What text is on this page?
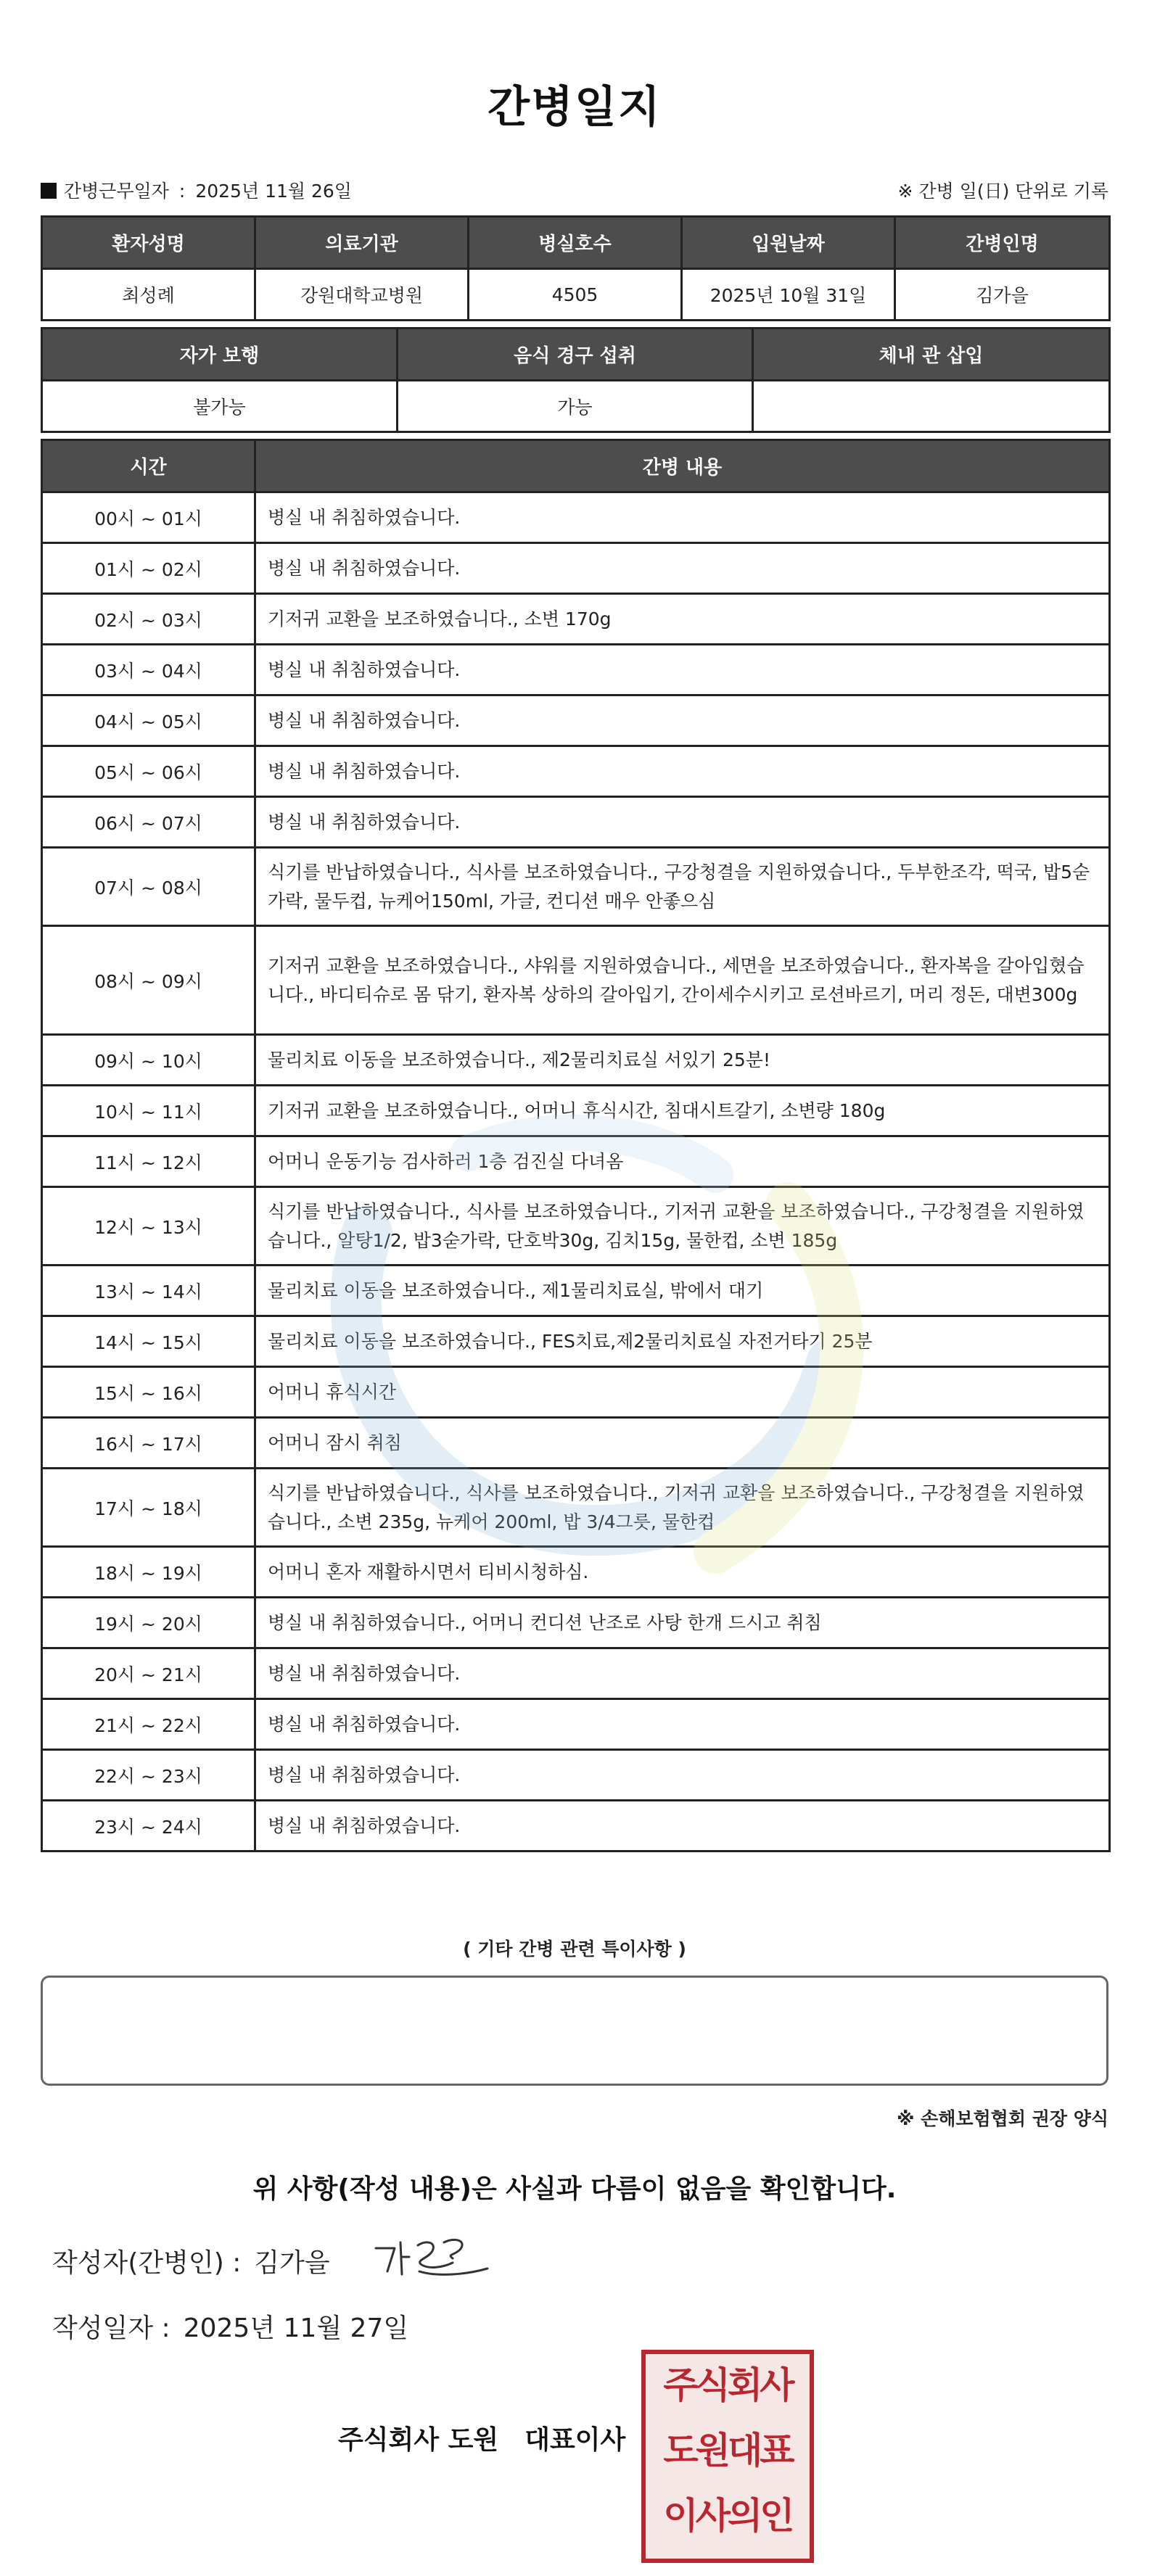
간병일지
간병근무일자 : 2025년 11월 26일	※ 간병 일(日) 단위로 기록
환자성명	의료기관	병실호수	입원날짜	간병인명
최성례	강원대학교병원	4505	2025년 10월 31일	김가을
자가 보행	음식 경구 섭취	체내 관 삽입
불가능	가능	
시간	간병 내용
00시 ~ 01시	병실 내 취침하였습니다.
01시 ~ 02시	병실 내 취침하였습니다.
02시 ~ 03시	기저귀 교환을 보조하였습니다., 소변 170g
03시 ~ 04시	병실 내 취침하였습니다.
04시 ~ 05시	병실 내 취침하였습니다.
05시 ~ 06시	병실 내 취침하였습니다.
06시 ~ 07시	병실 내 취침하였습니다.
07시 ~ 08시	식기를 반납하였습니다., 식사를 보조하였습니다., 구강청결을 지원하였습니다., 두부한조각, 떡국, 밥5숟가락, 물두컵, 뉴케어150ml, 가글, 컨디션 매우 안좋으심
08시 ~ 09시	기저귀 교환을 보조하였습니다., 샤워를 지원하였습니다., 세면을 보조하였습니다., 환자복을 갈아입혔습니다., 바디티슈로 몸 닦기, 환자복 상하의 갈아입기, 간이세수시키고 로션바르기, 머리 정돈, 대변300g
09시 ~ 10시	물리치료 이동을 보조하였습니다., 제2물리치료실 서있기 25분!
10시 ~ 11시	기저귀 교환을 보조하였습니다., 어머니 휴식시간, 침대시트갈기, 소변량 180g
11시 ~ 12시	어머니 운동기능 검사하러 1층 검진실 다녀옴
12시 ~ 13시	식기를 반납하였습니다., 식사를 보조하였습니다., 기저귀 교환을 보조하였습니다., 구강청결을 지원하였습니다., 알탕1/2, 밥3숟가락, 단호박30g, 김치15g, 물한컵, 소변 185g
13시 ~ 14시	물리치료 이동을 보조하였습니다., 제1물리치료실, 밖에서 대기
14시 ~ 15시	물리치료 이동을 보조하였습니다., FES치료,제2물리치료실 자전거타기 25분
15시 ~ 16시	어머니 휴식시간
16시 ~ 17시	어머니 잠시 취침
17시 ~ 18시	식기를 반납하였습니다., 식사를 보조하였습니다., 기저귀 교환을 보조하였습니다., 구강청결을 지원하였습니다., 소변 235g, 뉴케어 200ml, 밥 3/4그릇, 물한컵
18시 ~ 19시	어머니 혼자 재활하시면서 티비시청하심.
19시 ~ 20시	병실 내 취침하였습니다., 어머니 컨디션 난조로 사탕 한개 드시고 취침
20시 ~ 21시	병실 내 취침하였습니다.
21시 ~ 22시	병실 내 취침하였습니다.
22시 ~ 23시	병실 내 취침하였습니다.
23시 ~ 24시	병실 내 취침하였습니다.
( 기타 간병 관련 특이사항 )
※ 손해보험협회 권장 양식
위 사항(작성 내용)은 사실과 다름이 없음을 확인합니다.
작성자(간병인) : 김가을
작성일자 : 2025년 11월 27일
주식회사 도원 대표이사
주식회사
도원대표
이사의인
